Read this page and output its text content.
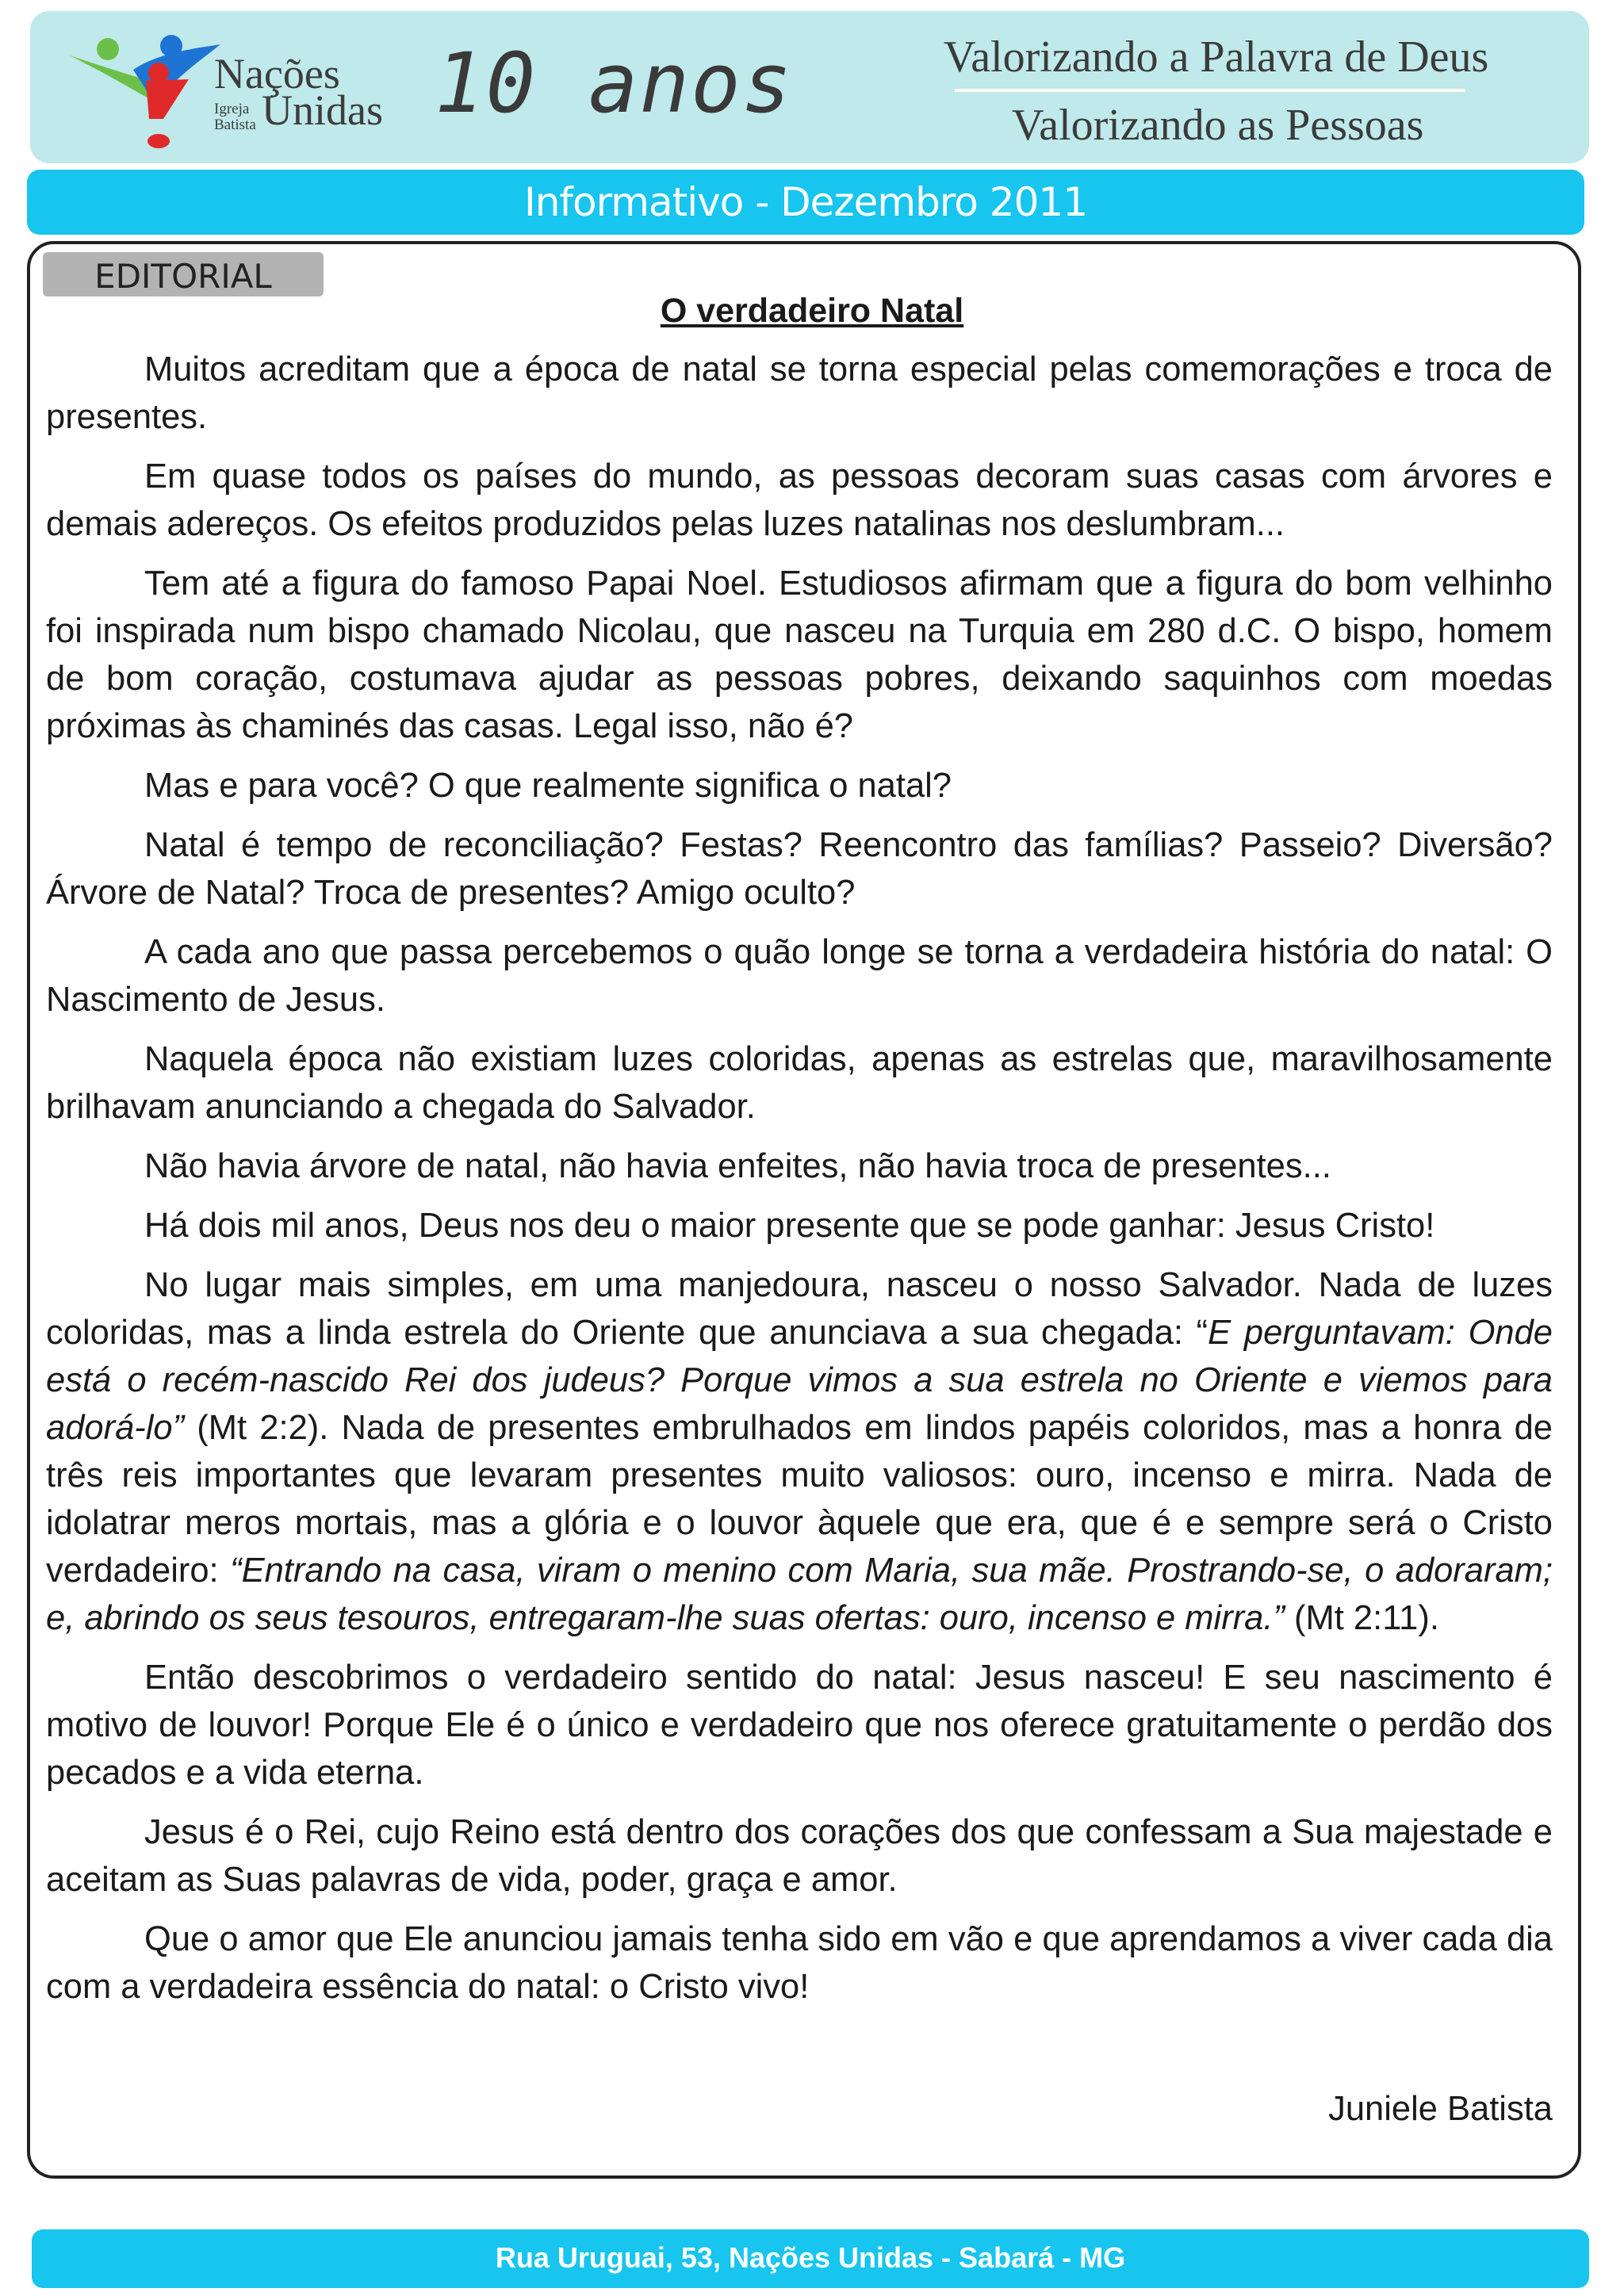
Nações
Igreja
Batista Unidas 10 anos	Valorizando a Palavra de Deus
Valorizando as Pessoas
Informativo - Dezembro 2011
EDITORIAL
O verdadeiro Natal

Muitos acreditam que a época de natal se torna especial pelas comemorações e troca de presentes.

Em quase todos os países do mundo, as pessoas decoram suas casas com árvores e demais adereços. Os efeitos produzidos pelas luzes natalinas nos deslumbram...

Tem até a figura do famoso Papai Noel. Estudiosos afirmam que a figura do bom velhinho foi inspirada num bispo chamado Nicolau, que nasceu na Turquia em 280 d.C. O bispo, homem de bom coração, costumava ajudar as pessoas pobres, deixando saquinhos com moedas próximas às chaminés das casas. Legal isso, não é?

Mas e para você? O que realmente significa o natal?

Natal é tempo de reconciliação? Festas? Reencontro das famílias? Passeio? Diversão? Árvore de Natal? Troca de presentes? Amigo oculto?

A cada ano que passa percebemos o quão longe se torna a verdadeira história do natal: O Nascimento de Jesus.

Naquela época não existiam luzes coloridas, apenas as estrelas que, maravilhosamente brilhavam anunciando a chegada do Salvador.

Não havia árvore de natal, não havia enfeites, não havia troca de presentes...

Há dois mil anos, Deus nos deu o maior presente que se pode ganhar: Jesus Cristo!

No lugar mais simples, em uma manjedoura, nasceu o nosso Salvador. Nada de luzes coloridas, mas a linda estrela do Oriente que anunciava a sua chegada: “E perguntavam: Onde está o recém-nascido Rei dos judeus? Porque vimos a sua estrela no Oriente e viemos para adorá-lo” (Mt 2:2). Nada de presentes embrulhados em lindos papéis coloridos, mas a honra de três reis importantes que levaram presentes muito valiosos: ouro, incenso e mirra. Nada de idolatrar meros mortais, mas a glória e o louvor àquele que era, que é e sempre será o Cristo verdadeiro: “Entrando na casa, viram o menino com Maria, sua mãe. Prostrando-se, o adoraram; e, abrindo os seus tesouros, entregaram-lhe suas ofertas: ouro, incenso e mirra.” (Mt 2:11).

Então descobrimos o verdadeiro sentido do natal: Jesus nasceu! E seu nascimento é motivo de louvor! Porque Ele é o único e verdadeiro que nos oferece gratuitamente o perdão dos pecados e a vida eterna.

Jesus é o Rei, cujo Reino está dentro dos corações dos que confessam a Sua majestade e aceitam as Suas palavras de vida, poder, graça e amor.

Que o amor que Ele anunciou jamais tenha sido em vão e que aprendamos a viver cada dia com a verdadeira essência do natal: o Cristo vivo!

Juniele Batista
Rua Uruguai, 53, Nações Unidas - Sabará - MG
